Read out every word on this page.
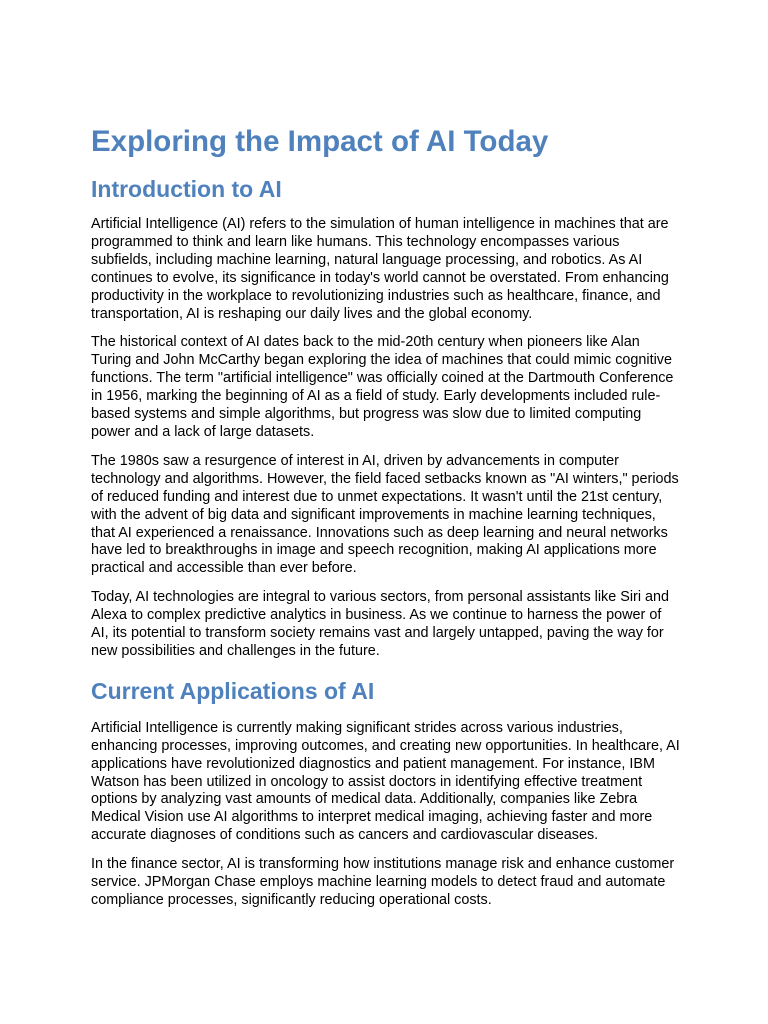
Exploring the Impact of AI Today
Introduction to AI

Artificial Intelligence (AI) refers to the simulation of human intelligence in machines that are programmed to think and learn like humans. This technology encompasses various subfields, including machine learning, natural language processing, and robotics. As AI continues to evolve, its significance in today's world cannot be overstated. From enhancing productivity in the workplace to revolutionizing industries such as healthcare, finance, and transportation, AI is reshaping our daily lives and the global economy.

The historical context of AI dates back to the mid-20th century when pioneers like Alan Turing and John McCarthy began exploring the idea of machines that could mimic cognitive functions. The term "artificial intelligence" was officially coined at the Dartmouth Conference in 1956, marking the beginning of AI as a field of study. Early developments included rule-based systems and simple algorithms, but progress was slow due to limited computing power and a lack of large datasets.

The 1980s saw a resurgence of interest in AI, driven by advancements in computer technology and algorithms. However, the field faced setbacks known as "AI winters," periods of reduced funding and interest due to unmet expectations. It wasn't until the 21st century, with the advent of big data and significant improvements in machine learning techniques, that AI experienced a renaissance. Innovations such as deep learning and neural networks have led to breakthroughs in image and speech recognition, making AI applications more practical and accessible than ever before.

Today, AI technologies are integral to various sectors, from personal assistants like Siri and Alexa to complex predictive analytics in business. As we continue to harness the power of AI, its potential to transform society remains vast and largely untapped, paving the way for new possibilities and challenges in the future.

Current Applications of AI

Artificial Intelligence is currently making significant strides across various industries, enhancing processes, improving outcomes, and creating new opportunities. In healthcare, AI applications have revolutionized diagnostics and patient management. For instance, IBM Watson has been utilized in oncology to assist doctors in identifying effective treatment options by analyzing vast amounts of medical data. Additionally, companies like Zebra Medical Vision use AI algorithms to interpret medical imaging, achieving faster and more accurate diagnoses of conditions such as cancers and cardiovascular diseases.

In the finance sector, AI is transforming how institutions manage risk and enhance customer service. JPMorgan Chase employs machine learning models to detect fraud and automate compliance processes, significantly reducing operational costs.
